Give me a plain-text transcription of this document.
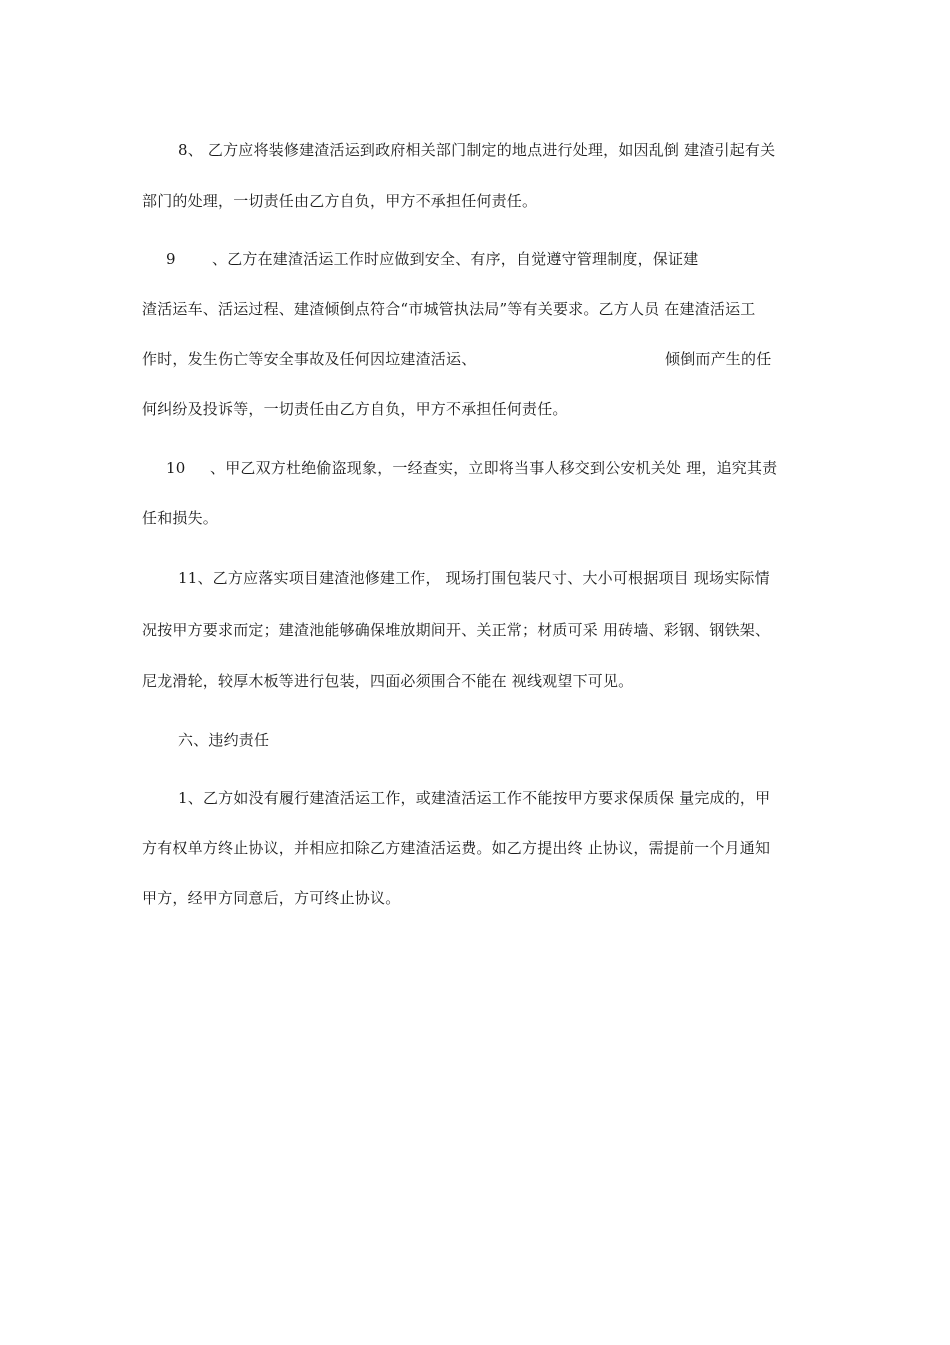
8、 乙方应将装修建渣活运到政府相关部门制定的地点进行处理，如因乱倒 建渣引起有关
部门的处理，一切责任由乙方自负，甲方不承担任何责任。
9 、乙方在建渣活运工作时应做到安全、有序，自觉遵守管理制度，保证建
渣活运车、活运过程、建渣倾倒点符合“市城管执法局”等有关要求。乙方人员 在建渣活运工
作时，发生伤亡等安全事故及任何因垃建渣活运、	倾倒而产生的任
何纠纷及投诉等，一切责任由乙方自负，甲方不承担任何责任。
10 、甲乙双方杜绝偷盗现象，一经查实，立即将当事人移交到公安机关处 理，追究其责
任和损失。
11、乙方应落实项目建渣池修建工作， 现场打围包装尺寸、大小可根据项目 现场实际情
况按甲方要求而定；建渣池能够确保堆放期间开、关正常；材质可采 用砖墙、彩钢、钢铁架、
尼龙滑轮，较厚木板等进行包装，四面必须围合不能在 视线观望下可见。
六、违约责任
1、乙方如没有履行建渣活运工作，或建渣活运工作不能按甲方要求保质保 量完成的，甲
方有权单方终止协议，并相应扣除乙方建渣活运费。如乙方提出终 止协议，需提前一个月通知
甲方，经甲方同意后，方可终止协议。
